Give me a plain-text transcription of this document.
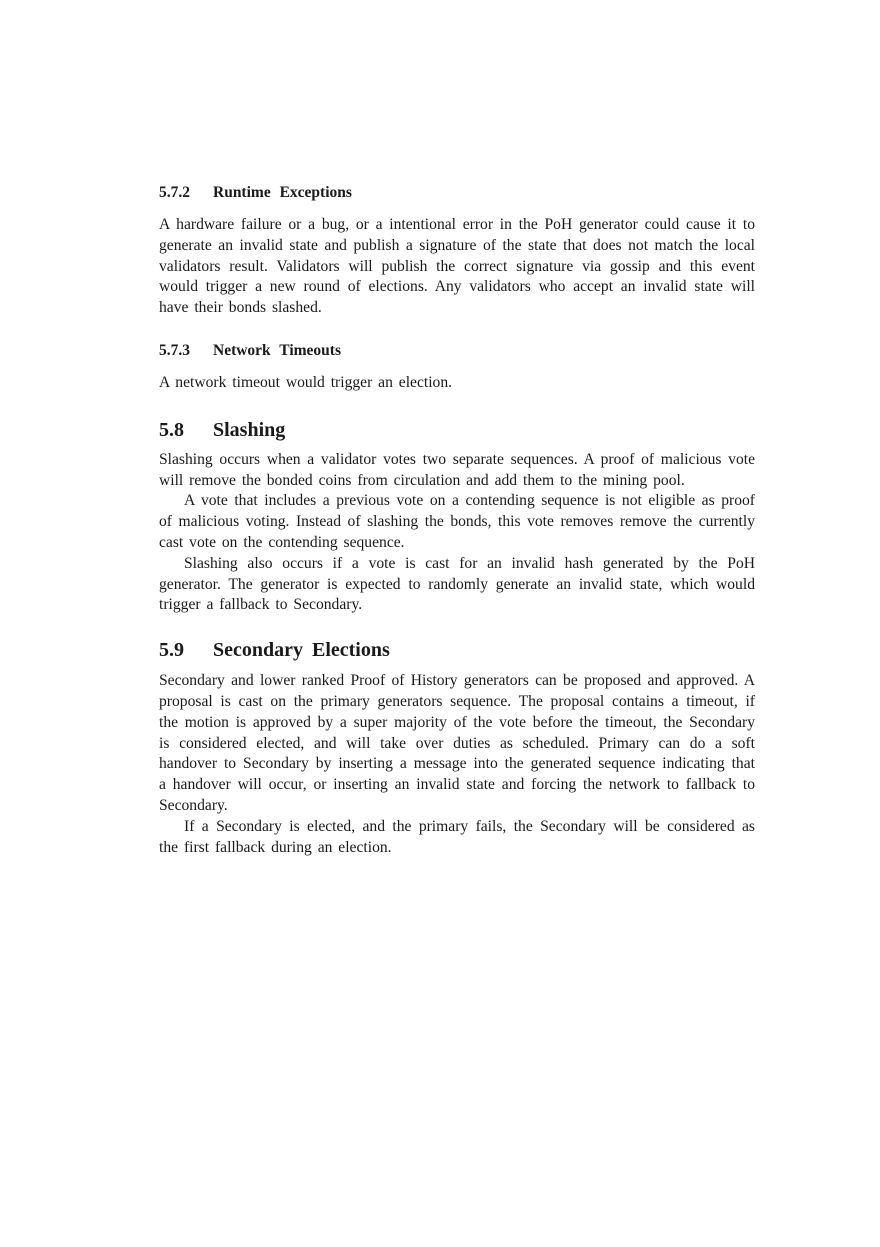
5.7.2 Runtime Exceptions

A hardware failure or a bug, or a intentional error in the PoH generator could cause it to generate an invalid state and publish a signature of the state that does not match the local validators result. Validators will publish the correct signature via gossip and this event would trigger a new round of elections. Any validators who accept an invalid state will have their bonds slashed.

5.7.3 Network Timeouts

A network timeout would trigger an election.

5.8 Slashing

Slashing occurs when a validator votes two separate sequences. A proof of malicious vote will remove the bonded coins from circulation and add them to the mining pool.

A vote that includes a previous vote on a contending sequence is not eligible as proof of malicious voting. Instead of slashing the bonds, this vote removes remove the currently cast vote on the contending sequence.

Slashing also occurs if a vote is cast for an invalid hash generated by the PoH generator. The generator is expected to randomly generate an invalid state, which would trigger a fallback to Secondary.

5.9 Secondary Elections

Secondary and lower ranked Proof of History generators can be proposed and approved. A proposal is cast on the primary generators sequence. The proposal contains a timeout, if the motion is approved by a super majority of the vote before the timeout, the Secondary is considered elected, and will take over duties as scheduled. Primary can do a soft handover to Secondary by inserting a message into the generated sequence indicating that a handover will occur, or inserting an invalid state and forcing the network to fallback to Secondary.

If a Secondary is elected, and the primary fails, the Secondary will be considered as the first fallback during an election.
